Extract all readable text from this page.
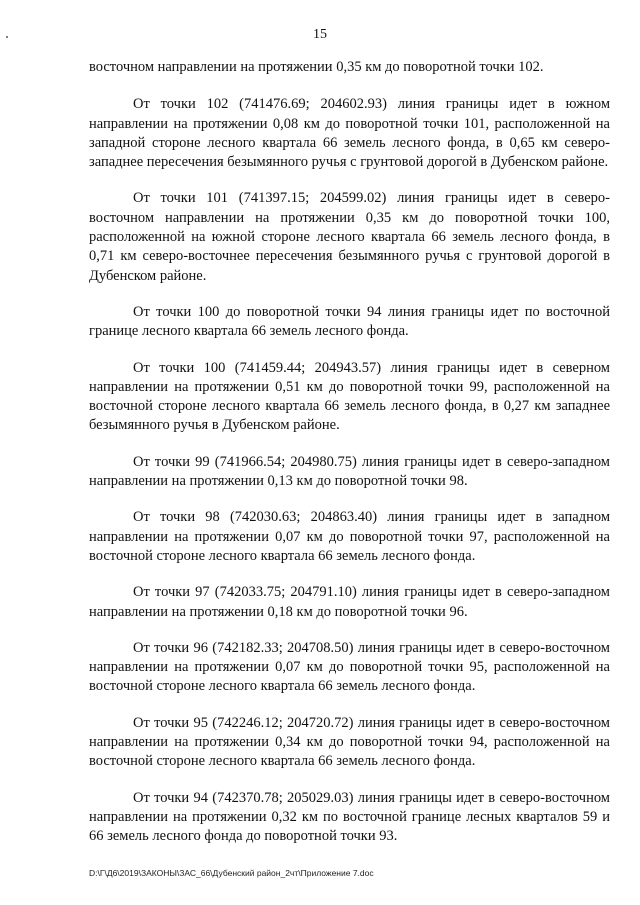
15

восточном направлении на протяжении 0,35 км до поворотной точки 102.

От точки 102 (741476.69; 204602.93) линия границы идет в южном направлении на протяжении 0,08 км до поворотной точки 101, расположенной на западной стороне лесного квартала 66 земель лесного фонда, в 0,65 км северо-западнее пересечения безымянного ручья с грунтовой дорогой в Дубенском районе.

От точки 101 (741397.15; 204599.02) линия границы идет в северо-восточном направлении на протяжении 0,35 км до поворотной точки 100, расположенной на южной стороне лесного квартала 66 земель лесного фонда, в 0,71 км северо-восточнее пересечения безымянного ручья с грунтовой дорогой в Дубенском районе.

От точки 100 до поворотной точки 94 линия границы идет по восточной границе лесного квартала 66 земель лесного фонда.

От точки 100 (741459.44; 204943.57) линия границы идет в северном направлении на протяжении 0,51 км до поворотной точки 99, расположенной на восточной стороне лесного квартала 66 земель лесного фонда, в 0,27 км западнее безымянного ручья в Дубенском районе.

От точки 99 (741966.54; 204980.75) линия границы идет в северо-западном направлении на протяжении 0,13 км до поворотной точки 98.

От точки 98 (742030.63; 204863.40) линия границы идет в западном направлении на протяжении 0,07 км до поворотной точки 97, расположенной на восточной стороне лесного квартала 66 земель лесного фонда.

От точки 97 (742033.75; 204791.10) линия границы идет в северо-западном направлении на протяжении 0,18 км до поворотной точки 96.

От точки 96 (742182.33; 204708.50) линия границы идет в северо-восточном направлении на протяжении 0,07 км до поворотной точки 95, расположенной на восточной стороне лесного квартала 66 земель лесного фонда.

От точки 95 (742246.12; 204720.72) линия границы идет в северо-восточном направлении на протяжении 0,34 км до поворотной точки 94, расположенной на восточной стороне лесного квартала 66 земель лесного фонда.

От точки 94 (742370.78; 205029.03) линия границы идет в северо-восточном направлении на протяжении 0,32 км по восточной границе лесных кварталов 59 и 66 земель лесного фонда до поворотной точки 93.

D:\Г\Д6\2019\ЗАКОНЫ\ЗАС_66\Дубенский район_2чт\Приложение 7.doc
